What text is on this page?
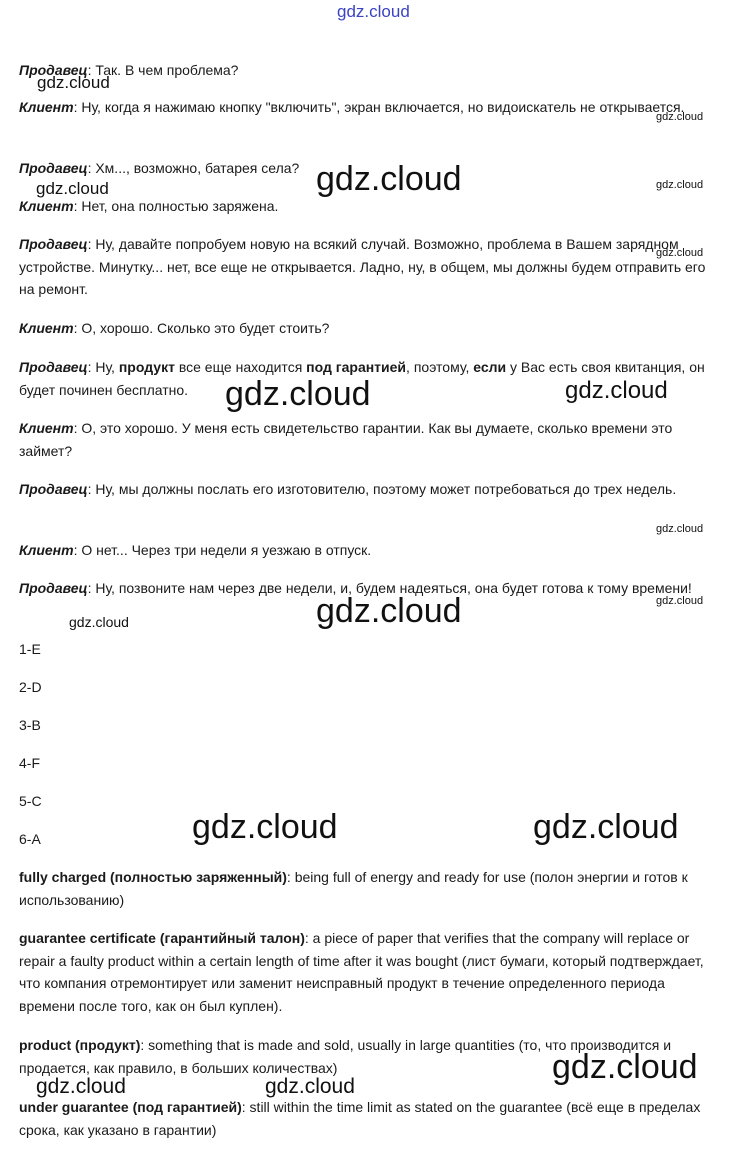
gdz.cloud
Продавец: Так. В чем проблема?
Клиент: Ну, когда я нажимаю кнопку "включить", экран включается, но видоискатель не открывается.
Продавец: Хм..., возможно, батарея села?
Клиент: Нет, она полностью заряжена.
Продавец: Ну, давайте попробуем новую на всякий случай. Возможно, проблема в Вашем зарядном устройстве. Минутку... нет, все еще не открывается. Ладно, ну, в общем, мы должны будем отправить его на ремонт.
Клиент: О, хорошо. Сколько это будет стоить?
Продавец: Ну, продукт все еще находится под гарантией, поэтому, если у Вас есть своя квитанция, он будет починен бесплатно.
Клиент: О, это хорошо. У меня есть свидетельство гарантии. Как вы думаете, сколько времени это займет?
Продавец: Ну, мы должны послать его изготовителю, поэтому может потребоваться до трех недель.
Клиент: О нет... Через три недели я уезжаю в отпуск.
Продавец: Ну, позвоните нам через две недели, и, будем надеяться, она будет готова к тому времени!
1-E
2-D
3-B
4-F
5-C
6-A
fully charged (полностью заряженный): being full of energy and ready for use (полон энергии и готов к использованию)
guarantee certificate (гарантийный талон): a piece of paper that verifies that the company will replace or repair a faulty product within a certain length of time after it was bought (лист бумаги, который подтверждает, что компания отремонтирует или заменит неисправный продукт в течение определенного периода времени после того, как он был куплен).
product (продукт): something that is made and sold, usually in large quantities (то, что производится и продается, как правило, в больших количествах)
under guarantee (под гарантией): still within the time limit as stated on the guarantee (всё еще в пределах срока, как указано в гарантии)
gdz.cloud
gdz.cloud
gdz.cloud	gdz.cloud	gdz.cloud
gdz.cloud
gdz.cloud	gdz.cloud
gdz.cloud
gdz.cloud	gdz.cloud
gdz.cloud
gdz.cloud	gdz.cloud
gdz.cloud
gdz.cloud	gdz.cloud
